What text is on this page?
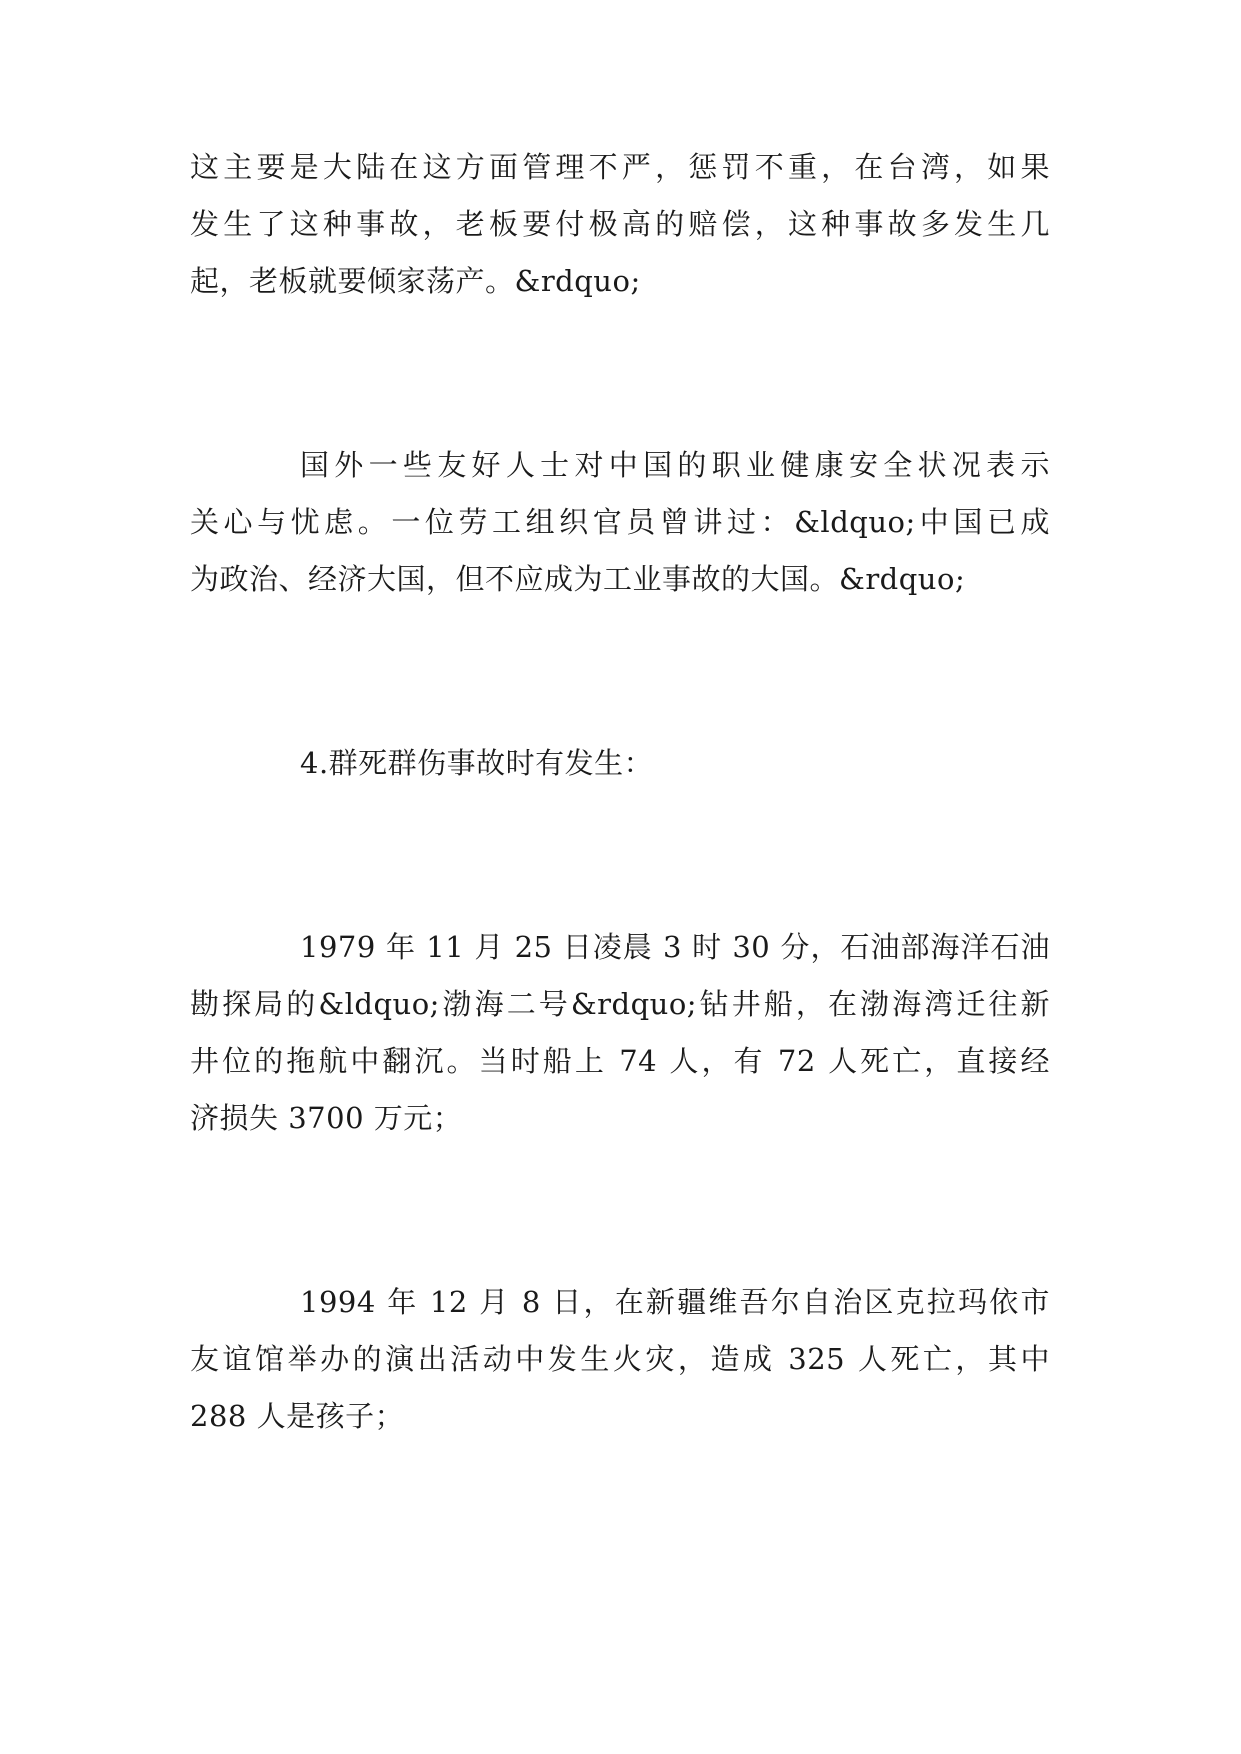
这主要是大陆在这方面管理不严，惩罚不重，在台湾，如果
发生了这种事故，老板要付极高的赔偿，这种事故多发生几
起，老板就要倾家荡产。&rdquo;
国外一些友好人士对中国的职业健康安全状况表示
关心与忧虑。一位劳工组织官员曾讲过：&ldquo;中国已成
为政治、经济大国，但不应成为工业事故的大国。&rdquo;
4.群死群伤事故时有发生：
1979 年 11 月 25 日凌晨 3 时 30 分，石油部海洋石油
勘探局的&ldquo;渤海二号&rdquo;钻井船，在渤海湾迁往新
井位的拖航中翻沉。当时船上 74 人，有 72 人死亡，直接经
济损失 3700 万元；
1994 年 12 月 8 日，在新疆维吾尔自治区克拉玛依市
友谊馆举办的演出活动中发生火灾，造成 325 人死亡，其中
288 人是孩子；
